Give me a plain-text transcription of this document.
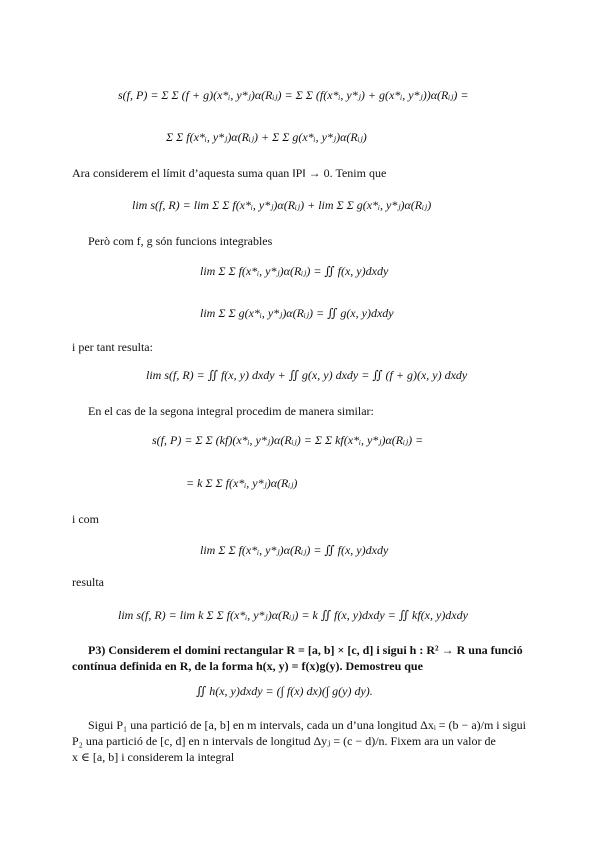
s(f, P) = Σ Σ (f + g)(x*ᵢ, y*ⱼ)α(Rᵢⱼ) = Σ Σ (f(x*ᵢ, y*ⱼ) + g(x*ᵢ, y*ⱼ))α(Rᵢⱼ) =
Σ Σ f(x*ᵢ, y*ⱼ)α(Rᵢⱼ) + Σ Σ g(x*ᵢ, y*ⱼ)α(Rᵢⱼ)
Ara considerem el límit d’aquesta suma quan ‖P‖ → 0. Tenim que
lim s(f, R) = lim Σ Σ f(x*ᵢ, y*ⱼ)α(Rᵢⱼ) + lim Σ Σ g(x*ᵢ, y*ⱼ)α(Rᵢⱼ)
Però com f, g són funcions integrables
lim Σ Σ f(x*ᵢ, y*ⱼ)α(Rᵢⱼ) = ∬ f(x, y)dxdy
lim Σ Σ g(x*ᵢ, y*ⱼ)α(Rᵢⱼ) = ∬ g(x, y)dxdy
i per tant resulta:
lim s(f, R) = ∬ f(x, y) dxdy + ∬ g(x, y) dxdy = ∬ (f + g)(x, y) dxdy
En el cas de la segona integral procedim de manera similar:
s(f, P) = Σ Σ (kf)(x*ᵢ, y*ⱼ)α(Rᵢⱼ) = Σ Σ kf(x*ᵢ, y*ⱼ)α(Rᵢⱼ) =
= k Σ Σ f(x*ᵢ, y*ⱼ)α(Rᵢⱼ)
i com
lim Σ Σ f(x*ᵢ, y*ⱼ)α(Rᵢⱼ) = ∬ f(x, y)dxdy
resulta
lim s(f, R) = lim k Σ Σ f(x*ᵢ, y*ⱼ)α(Rᵢⱼ) = k ∬ f(x, y)dxdy = ∬ kf(x, y)dxdy
P3) Considerem el domini rectangular R = [a, b] × [c, d] i sigui h : R² → R una funció
contínua definida en R, de la forma h(x, y) = f(x)g(y). Demostreu que
∬ h(x, y)dxdy = (∫ f(x) dx)(∫ g(y) dy).
Sigui P₁ una partició de [a, b] en m intervals, cada un d’una longitud Δxᵢ = (b − a)/m i sigui
P₂ una partició de [c, d] en n intervals de longitud Δyⱼ = (c − d)/n. Fixem ara un valor de
x ∈ [a, b] i considerem la integral
